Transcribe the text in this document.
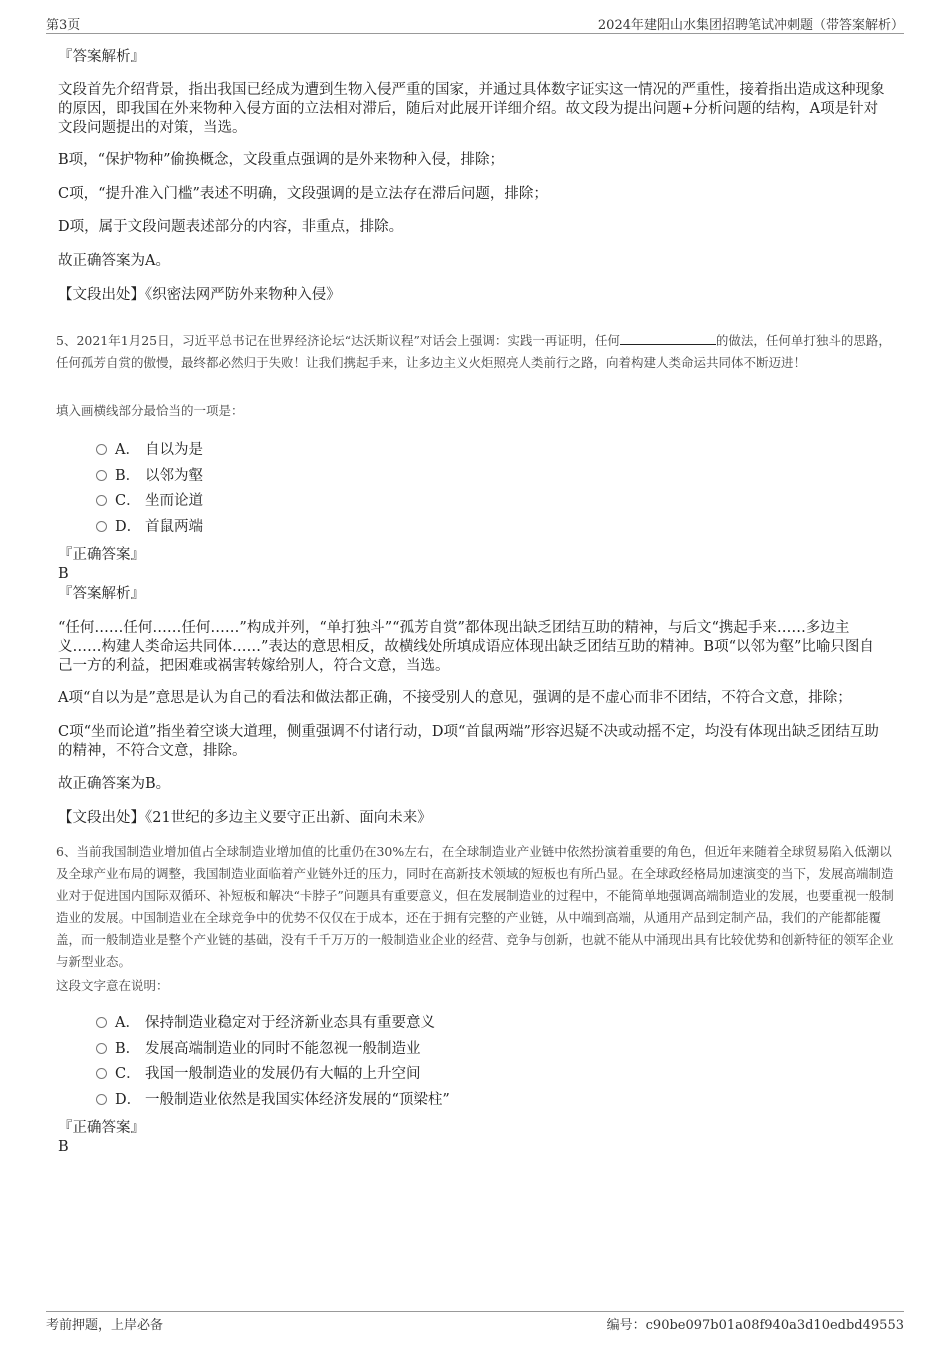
第3页	2024年建阳山水集团招聘笔试冲刺题（带答案解析）
『答案解析』
文段首先介绍背景，指出我国已经成为遭到生物入侵严重的国家，并通过具体数字证实这一情况的严重性，接着指出造成这种现象的原因，即我国在外来物种入侵方面的立法相对滞后，随后对此展开详细介绍。故文段为提出问题+分析问题的结构，A项是针对文段问题提出的对策，当选。
B项，“保护物种”偷换概念，文段重点强调的是外来物种入侵，排除；
C项，“提升准入门槛”表述不明确，文段强调的是立法存在滞后问题，排除；
D项，属于文段问题表述部分的内容，非重点，排除。
故正确答案为A。
【文段出处】《织密法网严防外来物种入侵》
5、2021年1月25日，习近平总书记在世界经济论坛“达沃斯议程”对话会上强调：实践一再证明，任何	的做法，任何单打独斗的思路，任何孤芳自赏的傲慢，最终都必然归于失败！让我们携起手来，让多边主义火炬照亮人类前行之路，向着构建人类命运共同体不断迈进！
填入画横线部分最恰当的一项是：
A． 自以为是
B． 以邻为壑
C． 坐而论道
D． 首鼠两端
『正确答案』
B
『答案解析』
“任何……任何……任何……”构成并列，“单打独斗”“孤芳自赏”都体现出缺乏团结互助的精神，与后文“携起手来……多边主义……构建人类命运共同体……”表达的意思相反，故横线处所填成语应体现出缺乏团结互助的精神。B项“以邻为壑”比喻只图自己一方的利益，把困难或祸害转嫁给别人，符合文意，当选。
A项“自以为是”意思是认为自己的看法和做法都正确，不接受别人的意见，强调的是不虚心而非不团结，不符合文意，排除；
C项“坐而论道”指坐着空谈大道理，侧重强调不付诸行动，D项“首鼠两端”形容迟疑不决或动摇不定，均没有体现出缺乏团结互助的精神，不符合文意，排除。
故正确答案为B。
【文段出处】《21世纪的多边主义要守正出新、面向未来》
6、当前我国制造业增加值占全球制造业增加值的比重仍在30%左右，在全球制造业产业链中依然扮演着重要的角色，但近年来随着全球贸易陷入低潮以及全球产业布局的调整，我国制造业面临着产业链外迁的压力，同时在高新技术领域的短板也有所凸显。在全球政经格局加速演变的当下，发展高端制造业对于促进国内国际双循环、补短板和解决“卡脖子”问题具有重要意义，但在发展制造业的过程中，不能简单地强调高端制造业的发展，也要重视一般制造业的发展。中国制造业在全球竞争中的优势不仅仅在于成本，还在于拥有完整的产业链，从中端到高端，从通用产品到定制产品，我们的产能都能覆盖，而一般制造业是整个产业链的基础，没有千千万万的一般制造业企业的经营、竞争与创新，也就不能从中涌现出具有比较优势和创新特征的领军企业与新型业态。
这段文字意在说明：
A． 保持制造业稳定对于经济新业态具有重要意义
B． 发展高端制造业的同时不能忽视一般制造业
C． 我国一般制造业的发展仍有大幅的上升空间
D． 一般制造业依然是我国实体经济发展的“顶梁柱”
『正确答案』
B
考前押题，上岸必备	编号：c90be097b01a08f940a3d10edbd49553
